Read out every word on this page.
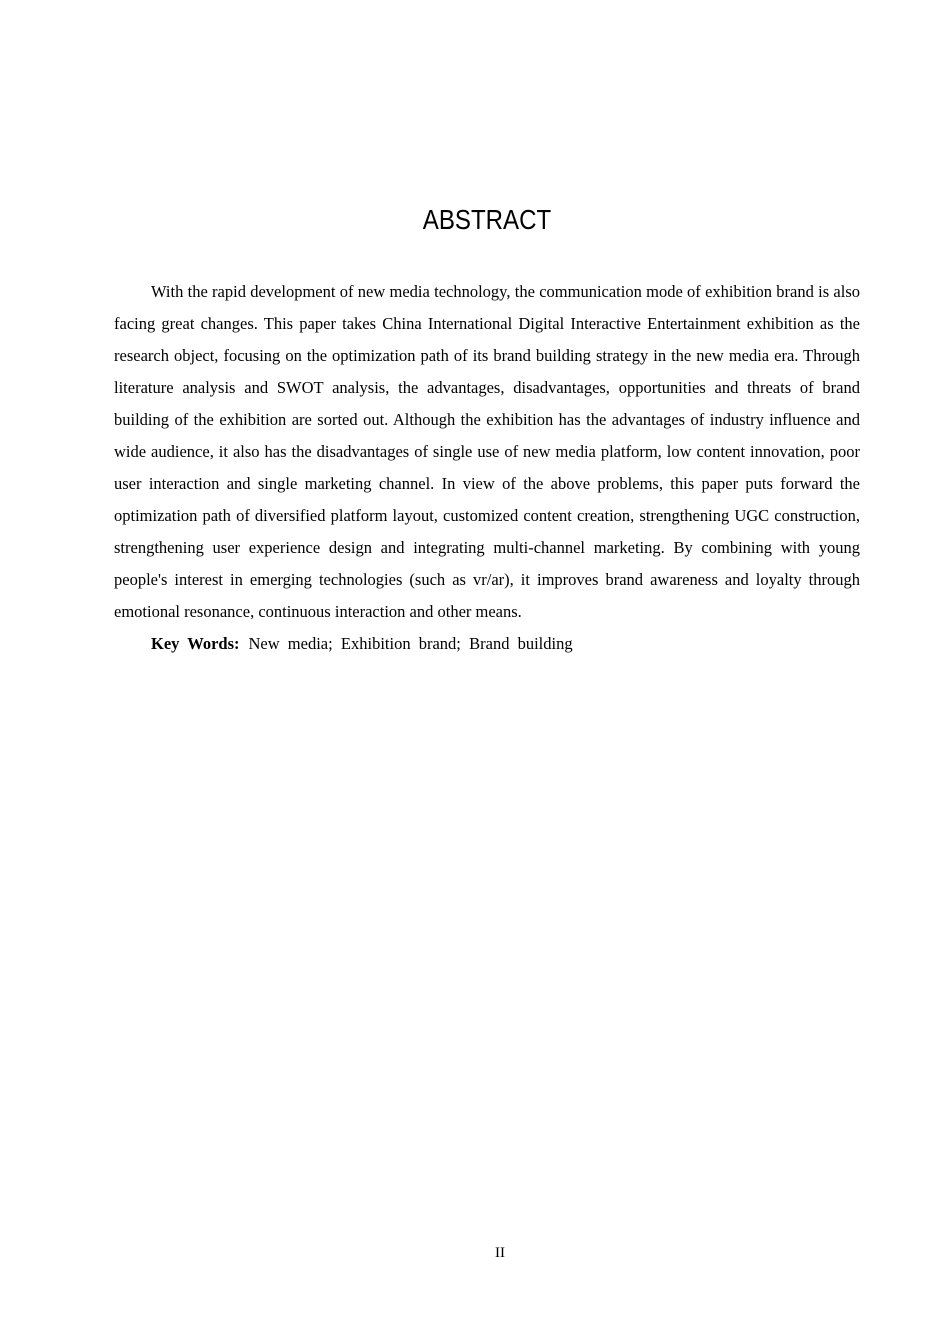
ABSTRACT

With the rapid development of new media technology, the communication mode of exhibition brand is also facing great changes. This paper takes China International Digital Interactive Entertainment exhibition as the research object, focusing on the optimization path of its brand building strategy in the new media era. Through literature analysis and SWOT analysis, the advantages, disadvantages, opportunities and threats of brand building of the exhibition are sorted out. Although the exhibition has the advantages of industry influence and wide audience, it also has the disadvantages of single use of new media platform, low content innovation, poor user interaction and single marketing channel. In view of the above problems, this paper puts forward the optimization path of diversified platform layout, customized content creation, strengthening UGC construction, strengthening user experience design and integrating multi-channel marketing. By combining with young people's interest in emerging technologies (such as vr/ar), it improves brand awareness and loyalty through emotional resonance, continuous interaction and other means.

Key Words: New media; Exhibition brand; Brand building

II
